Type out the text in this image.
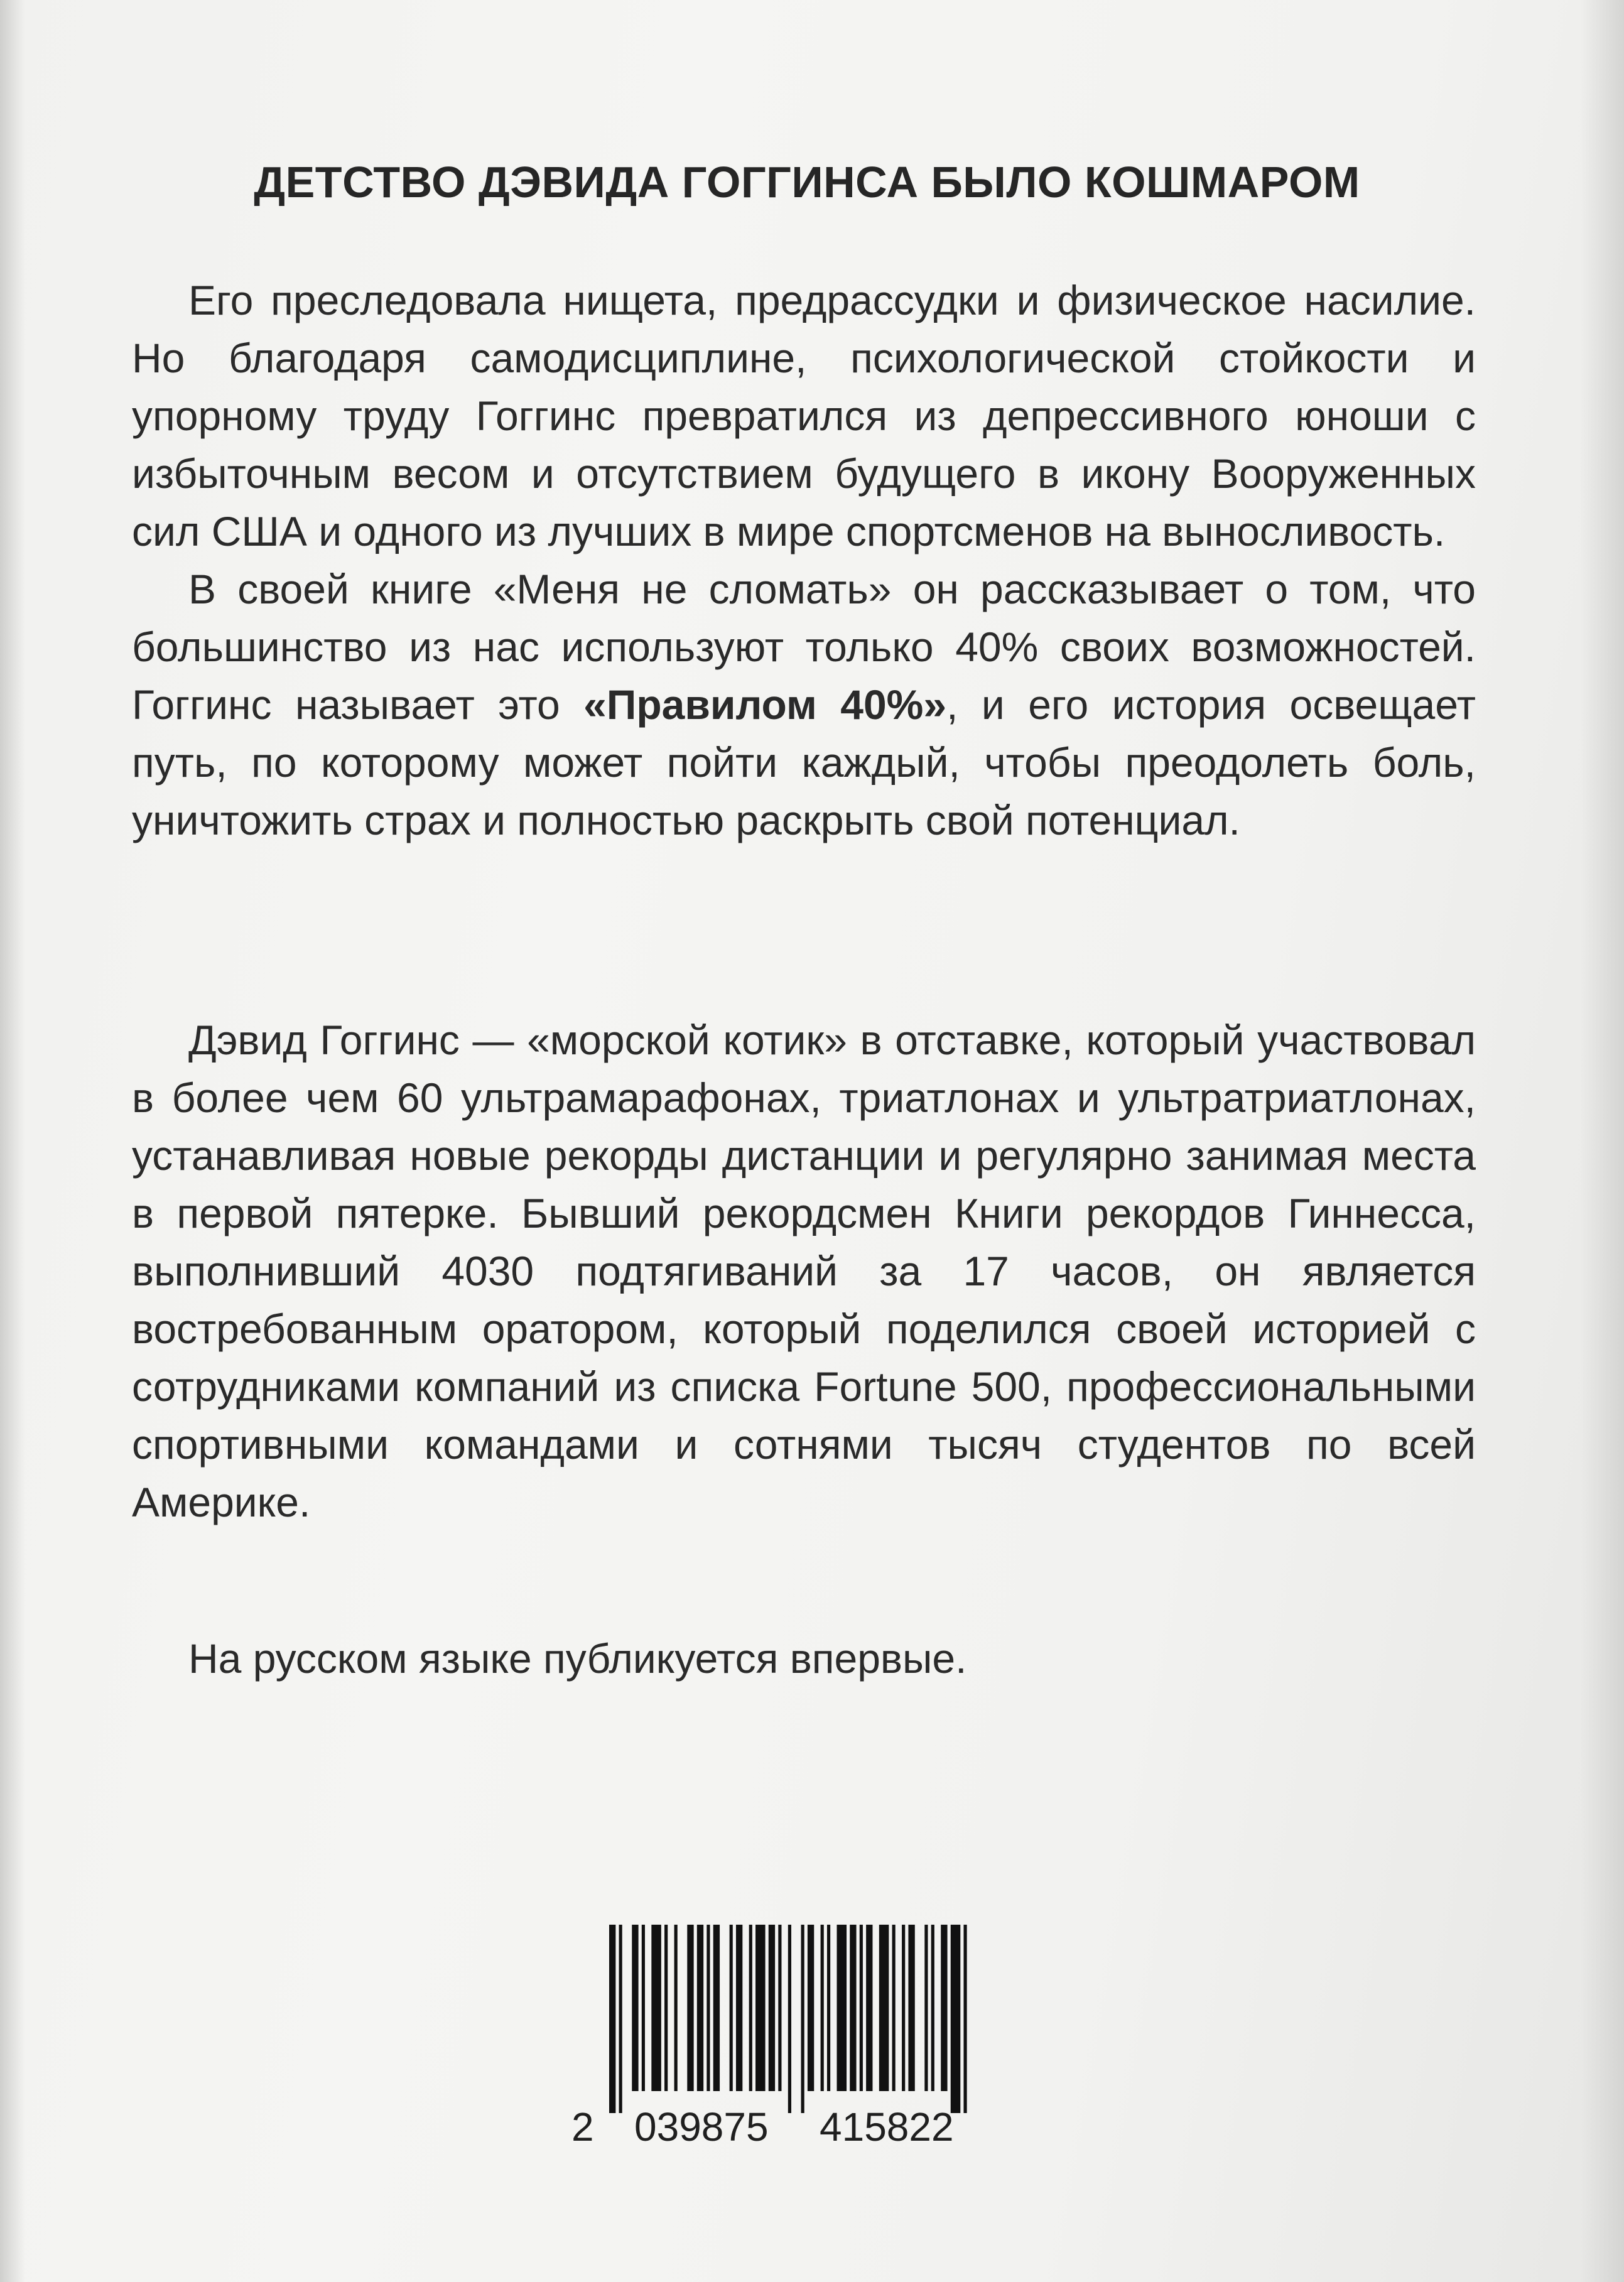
ДЕТСТВО ДЭВИДА ГОГГИНСА БЫЛО КОШМАРОМ

Его преследовала нищета, предрассудки и физическое насилие. Но благодаря самодисциплине, психологической стойкости и упорному труду Гоггинс превратился из депрессивного юноши с избыточным весом и отсутствием будущего в икону Вооруженных сил США и одного из лучших в мире спортсменов на выносливость.

В своей книге «Меня не сломать» он рассказывает о том, что большинство из нас используют только 40% своих возможностей. Гоггинс называет это «Правилом 40%», и его история освещает путь, по которому может пойти каждый, чтобы преодолеть боль, уничтожить страх и полностью раскрыть свой потенциал.

Дэвид Гоггинс — «морской котик» в отставке, который участвовал в более чем 60 ультрамарафонах, триатлонах и ультратриатлонах, устанавливая новые рекорды дистанции и регулярно занимая места в первой пятерке. Бывший рекордсмен Книги рекордов Гиннесса, выполнивший 4030 подтягиваний за 17 часов, он является востребованным оратором, который поделился своей историей с сотрудниками компаний из списка Fortune 500, профессиональными спортивными командами и сотнями тысяч студентов по всей Америке.

На русском языке публикуется впервые.

2 039875 415822
